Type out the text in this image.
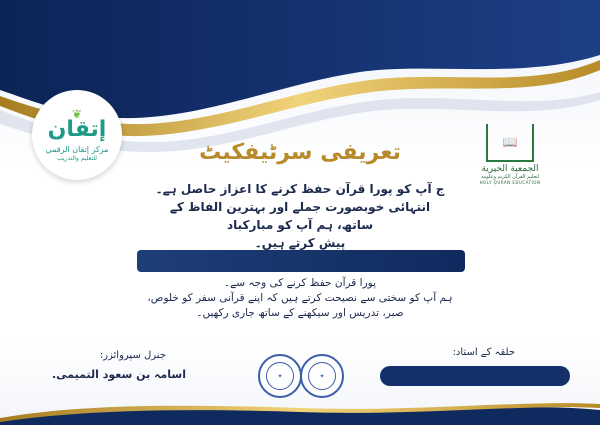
❦
إتقان
مركز إتقان الرقمي
للتعليم والتدريب
📖
الجمعية الخيرية
لتعليم القرآن الكريم وعلومه
HOLY QURAN EDUCATION
تعریفی سرٹیفکیٹ
ج آپ کو پورا قرآن حفظ کرنے کا اعزاز حاصل ہے۔
انتہائی خوبصورت جملے اور بہترین الفاظ کے ساتھ، ہم آپ کو مبارکباد
پیش کرتے ہیں۔
پورا قرآن حفظ کرنے کی وجہ سے۔
ہم آپ کو سختی سے نصیحت کرتے ہیں کہ اپنے قرآنی سفر کو خلوص،
صبر، تدریس اور سیکھنے کے ساتھ جاری رکھیں۔
حلقہ کے استاد:
جنرل سپروائزر:
اسامہ بن سعود التميمی.	✦	✦
